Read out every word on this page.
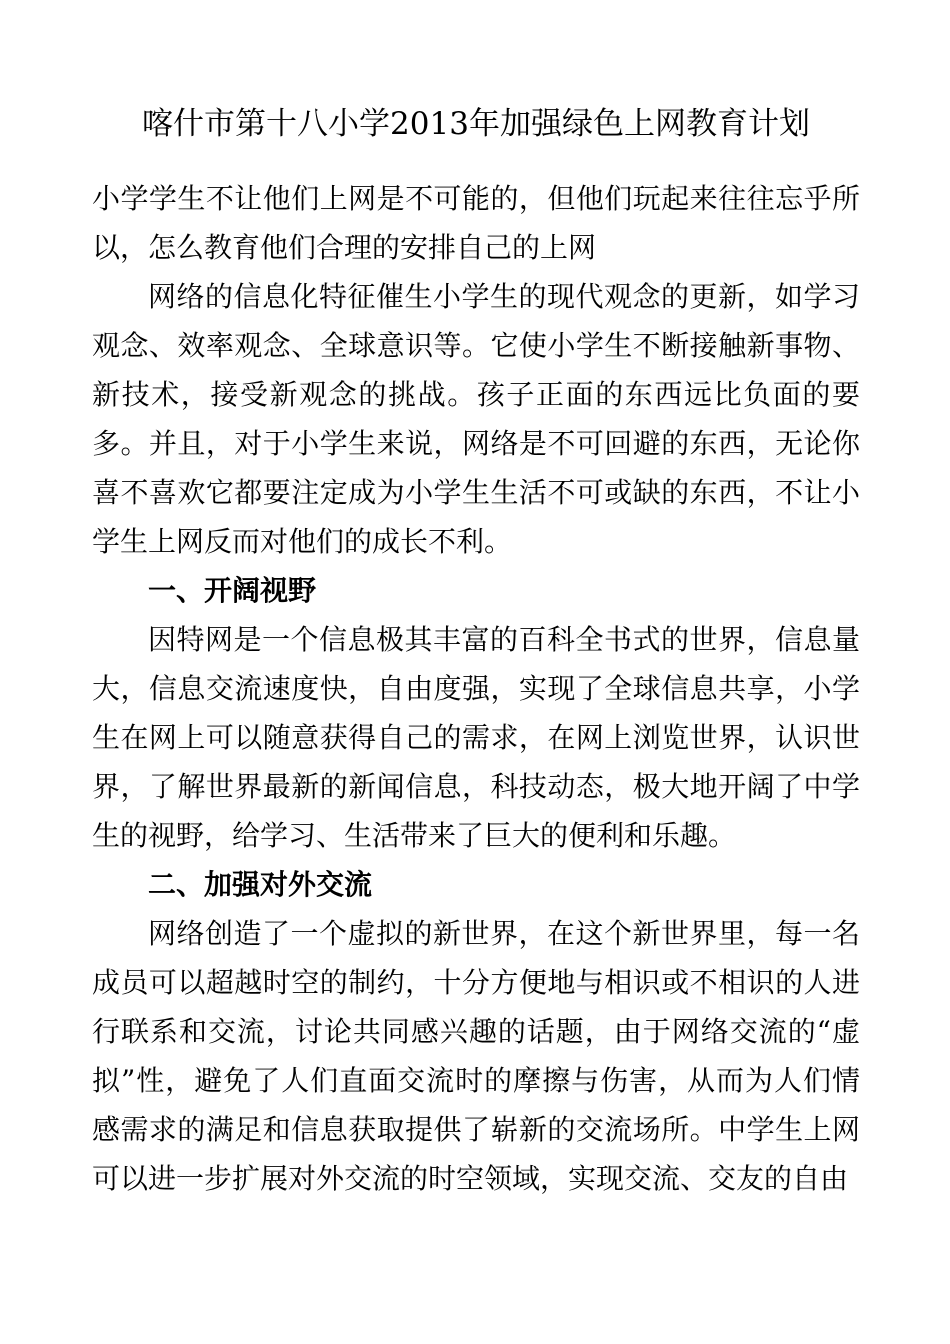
喀什市第十八小学2013年加强绿色上网教育计划

小学学生不让他们上网是不可能的，但他们玩起来往往忘乎所以，怎么教育他们合理的安排自己的上网

网络的信息化特征催生小学生的现代观念的更新，如学习观念、效率观念、全球意识等。它使小学生不断接触新事物、新技术，接受新观念的挑战。孩子正面的东西远比负面的要多。并且，对于小学生来说，网络是不可回避的东西，无论你喜不喜欢它都要注定成为小学生生活不可或缺的东西，不让小学生上网反而对他们的成长不利。

一、开阔视野

因特网是一个信息极其丰富的百科全书式的世界，信息量大，信息交流速度快，自由度强，实现了全球信息共享，小学生在网上可以随意获得自己的需求，在网上浏览世界，认识世界，了解世界最新的新闻信息，科技动态，极大地开阔了中学生的视野，给学习、生活带来了巨大的便利和乐趣。

二、加强对外交流

网络创造了一个虚拟的新世界，在这个新世界里，每一名成员可以超越时空的制约，十分方便地与相识或不相识的人进行联系和交流，讨论共同感兴趣的话题，由于网络交流的“虚拟”性，避免了人们直面交流时的摩擦与伤害，从而为人们情感需求的满足和信息获取提供了崭新的交流场所。中学生上网可以进一步扩展对外交流的时空领域，实现交流、交友的自由
